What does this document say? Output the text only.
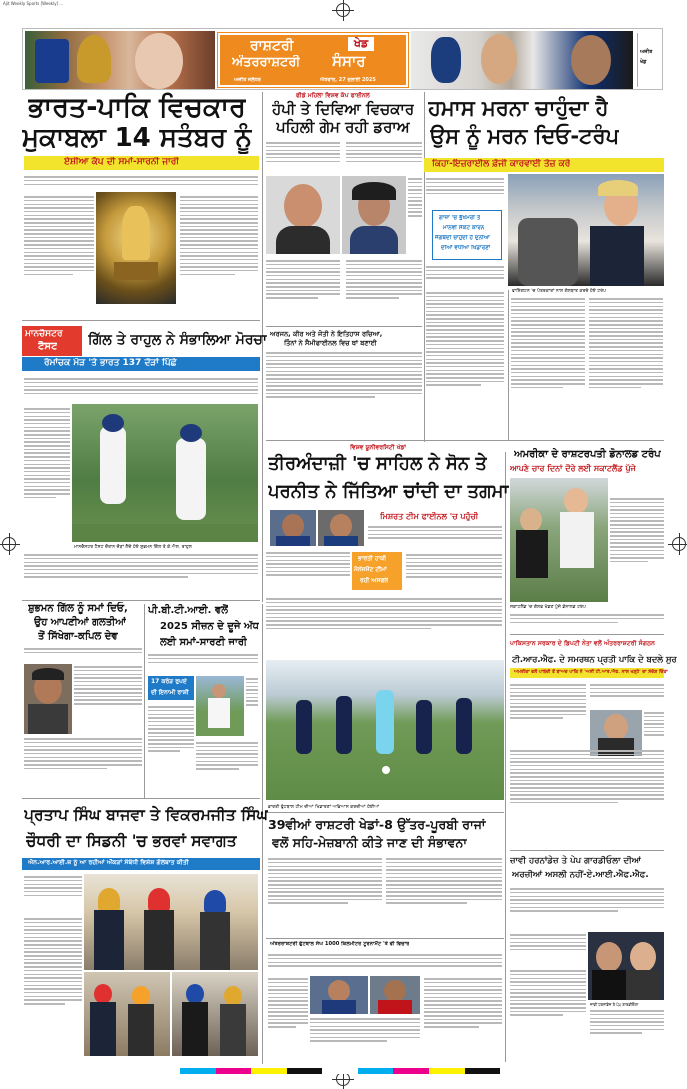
Ajit Weekly Sports [Weekly] ...
ਰਾਸ਼ਟਰੀ
ਅੰਤਰਰਾਸ਼ਟਰੀ
ਖੇਡ
ਸੰਸਾਰ
ਅਜੀਤ ਜਲੰਧਰ	ਐਤਵਾਰ, 27 ਜੁਲਾਈ 2025
ਅਜੀਤ ਖੇਡ
ਭਾਰਤ-ਪਾਕਿ ਵਿਚਕਾਰ
ਮੁਕਾਬਲਾ 14 ਸਤੰਬਰ ਨੂੰ
ਏਸ਼ੀਆ ਕੱਪ ਦੀ ਸਮਾਂ-ਸਾਰਨੀ ਜਾਰੀ
ਮਾਨਚੈਸਟਰ
ਟੈਸਟ ਗਿੱਲ ਤੇ ਰਾਹੁਲ ਨੇ ਸੰਭਾਲਿਆ ਮੋਰਚਾ
ਰੋਮਾਂਚਕ ਮੋੜ 'ਤੇ ਭਾਰਤ 137 ਦੌੜਾਂ ਪਿੱਛੇ
ਮਾਨਚੈਸਟਰ ਟੈਸਟ ਦੌਰਾਨ ਦੌੜਾਂ ਲੈਂਦੇ ਹੋਏ ਸ਼ੁਭਮਨ ਗਿੱਲ ਤੇ ਕੇ.ਐਲ. ਰਾਹੁਲ
ਫੀਡੇ ਮਹਿਲਾ ਵਿਸ਼ਵ ਕੱਪ ਫਾਈਨਲ
ਹੰਪੀ ਤੇ ਦਿਵਿਆ ਵਿਚਕਾਰ
ਪਹਿਲੀ ਗੇਮ ਰਹੀ ਡਰਾਅ
ਅਰਜਨ, ਕੀਰ ਅਤੇ ਜੋਤੀ ਨੇ ਇਤਿਹਾਸ ਰਚਿਆ,
ਤਿੰਨਾਂ ਨੇ ਸੈਮੀਫਾਈਨਲ ਵਿਚ ਥਾਂ ਬਣਾਈ
ਹਮਾਸ ਮਰਨਾ ਚਾਹੁੰਦਾ ਹੈ
ਉਸ ਨੂੰ ਮਰਨ ਦਿਓ-ਟਰੰਪ
ਕਿਹਾ-ਇਜ਼ਰਾਈਲ ਫ਼ੌਜੀ ਕਾਰਵਾਈ ਤੇਜ਼ ਕਰੇ
ਗਾਜ਼ਾ 'ਚ ਭੁੱਖਮਰੀ ਤੇ
ਮਾਨਵੀ ਸੰਕਟ ਕਾਰਨ
ਜੰਗਬੰਦੀ ਚਾਹੁੰਦੀ ਹੈ ਦੁਨੀਆ
ਦੀਆਂ ਵਧੀਆ ਖਿਡਾਰਣਾਂ
ਵਾਸ਼ਿੰਗਟਨ 'ਚ ਪੱਤਰਕਾਰਾਂ ਨਾਲ ਗੱਲਬਾਤ ਕਰਦੇ ਹੋਏ ਟਰੰਪ
ਵਿਸ਼ਵ ਯੂਨੀਵਰਸਿਟੀ ਖੇਡਾਂ
ਤੀਰਅੰਦਾਜ਼ੀ 'ਚ ਸਾਹਿਲ ਨੇ ਸੋਨ ਤੇ
ਪਰਨੀਤ ਨੇ ਜਿੱਤਿਆ ਚਾਂਦੀ ਦਾ ਤਗਮਾ
ਮਿਸ਼ਰਤ ਟੀਮ ਫਾਈਨਲ 'ਚ ਪਹੁੰਚੀ
ਭਾਰਤੀ ਹਾਕੀ
ਮੈਨੇਜਮੈਂਟ ਟੀਮਾਂ
ਰਹੀ ਅਸਫਲ
ਭਾਰਤੀ ਫੁੱਟਬਾਲ ਟੀਮ ਦੀਆਂ ਖਿਡਾਰਣਾਂ ਅਭਿਆਸ ਕਰਦੀਆਂ ਹੋਈਆਂ
ਅਮਰੀਕਾ ਦੇ ਰਾਸ਼ਟਰਪਤੀ ਡੋਨਾਲਡ ਟਰੰਪ
ਆਪਣੇ ਚਾਰ ਦਿਨਾਂ ਦੌਰੇ ਲਈ ਸਕਾਟਲੈਂਡ ਪੁੱਜੇ
ਸਕਾਟਲੈਂਡ 'ਚ ਗੋਲਫ ਖੇਡਣ ਪੁੱਜੇ ਡੋਨਾਲਡ ਟਰੰਪ
ਪਾਕਿਸਤਾਨ ਸਰਕਾਰ ਦੇ ਡਿਪਟੀ ਨੇਤਾ ਵਲੋਂ ਅੰਤਰਰਾਸ਼ਟਰੀ ਸੰਗਠਨ
ਟੀ.ਆਰ.ਐਫ. ਦੇ ਸਮਰਥਨ ਪ੍ਰਤੀ ਪਾਕਿ ਦੇ ਬਦਲੇ ਸੁਰ
ਅਮਰੀਕਾ ਵਲੋਂ ਪਾਬੰਦੀ ਤੋਂ ਬਾਅਦ ਪਾਕਿ ਨੇ 'ਅਸੀਂ ਟੀ.ਆਰ.ਐਫ. ਨਾਲ ਖੜ੍ਹੇ' ਦਾ ਸੰਦੇਸ਼ ਦਿੱਤਾ
ਜ਼ਾਵੀ ਹਰਨਾਂਡੇਜ਼ ਤੇ ਪੇਪ ਗਾਰਡੀਓਲਾ ਦੀਆਂ
ਅਰਜ਼ੀਆਂ ਅਸਲੀ ਨਹੀਂ-ਏ.ਆਈ.ਐਫ.ਐਫ.
ਜ਼ਾਵੀ ਹਰਨਾਂਡੇਜ਼ ਤੇ ਪੇਪ ਗਾਰਡੀਓਲਾ
ਸ਼ੁਭਮਨ ਗਿੱਲ ਨੂੰ ਸਮਾਂ ਦਿਓ,
ਉਹ ਆਪਣੀਆਂ ਗਲਤੀਆਂ
ਤੋਂ ਸਿੱਖੇਗਾ-ਕਪਿਲ ਦੇਵ
ਪੀ.ਬੀ.ਟੀ.ਆਈ. ਵਲੋਂ
2025 ਸੀਜ਼ਨ ਦੇ ਦੂਜੇ ਅੱਧ
ਲਈ ਸਮਾਂ-ਸਾਰਣੀ ਜਾਰੀ
17 ਕਰੋੜ ਰੁਪਏ
ਦੀ ਇਨਾਮੀ ਰਾਸ਼ੀ
ਪ੍ਰਤਾਪ ਸਿੰਘ ਬਾਜਵਾ ਤੇ ਵਿਕਰਮਜੀਤ ਸਿੰਘ
ਚੌਧਰੀ ਦਾ ਸਿਡਨੀ 'ਚ ਭਰਵਾਂ ਸਵਾਗਤ
ਐਨ.ਆਰ.ਆਈ.ਜ਼ ਨੂੰ ਆ ਰਹੀਆਂ ਔਕੜਾਂ ਸੰਬੰਧੀ ਵਿਸ਼ੇਸ਼ ਗੱਲਬਾਤ ਕੀਤੀ
39ਵੀਆਂ ਰਾਸ਼ਟਰੀ ਖੇਡਾਂ-8 ਉੱਤਰ-ਪੂਰਬੀ ਰਾਜਾਂ
ਵਲੋਂ ਸਹਿ-ਮੇਜ਼ਬਾਨੀ ਕੀਤੇ ਜਾਣ ਦੀ ਸੰਭਾਵਨਾ
ਅੰਤਰਰਾਸ਼ਟਰੀ ਫੁੱਟਬਾਲ ਸੰਘ 1000 ਕਿਲੋਮੀਟਰ ਟੂਰਨਾਮੈਂਟ 'ਤੇ ਵੀ ਵਿਚਾਰ
